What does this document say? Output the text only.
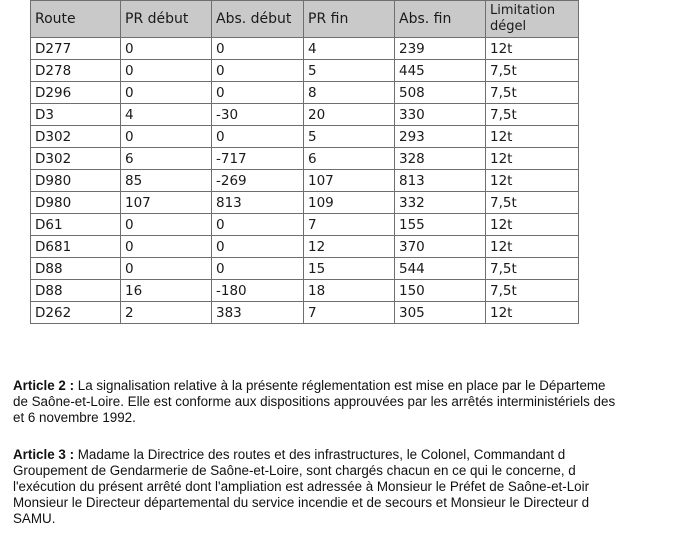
Route	PR début	Abs. début	PR fin	Abs. fin	Limitation
dégel
D277	0	0	4	239	12t
D278	0	0	5	445	7,5t
D296	0	0	8	508	7,5t
D3	4	-30	20	330	7,5t
D302	0	0	5	293	12t
D302	6	-717	6	328	12t
D980	85	-269	107	813	12t
D980	107	813	109	332	7,5t
D61	0	0	7	155	12t
D681	0	0	12	370	12t
D88	0	0	15	544	7,5t
D88	16	-180	18	150	7,5t
D262	2	383	7	305	12t
Article 2 : La signalisation relative à la présente réglementation est mise en place par le Départeme
de Saône-et-Loire. Elle est conforme aux dispositions approuvées par les arrêtés interministériels des
et 6 novembre 1992.
Article 3 : Madame la Directrice des routes et des infrastructures, le Colonel, Commandant d
Groupement de Gendarmerie de Saône-et-Loire, sont chargés chacun en ce qui le concerne, d
l'exécution du présent arrêté dont l'ampliation est adressée à Monsieur le Préfet de Saône-et-Loir
Monsieur le Directeur départemental du service incendie et de secours et Monsieur le Directeur d
SAMU.
